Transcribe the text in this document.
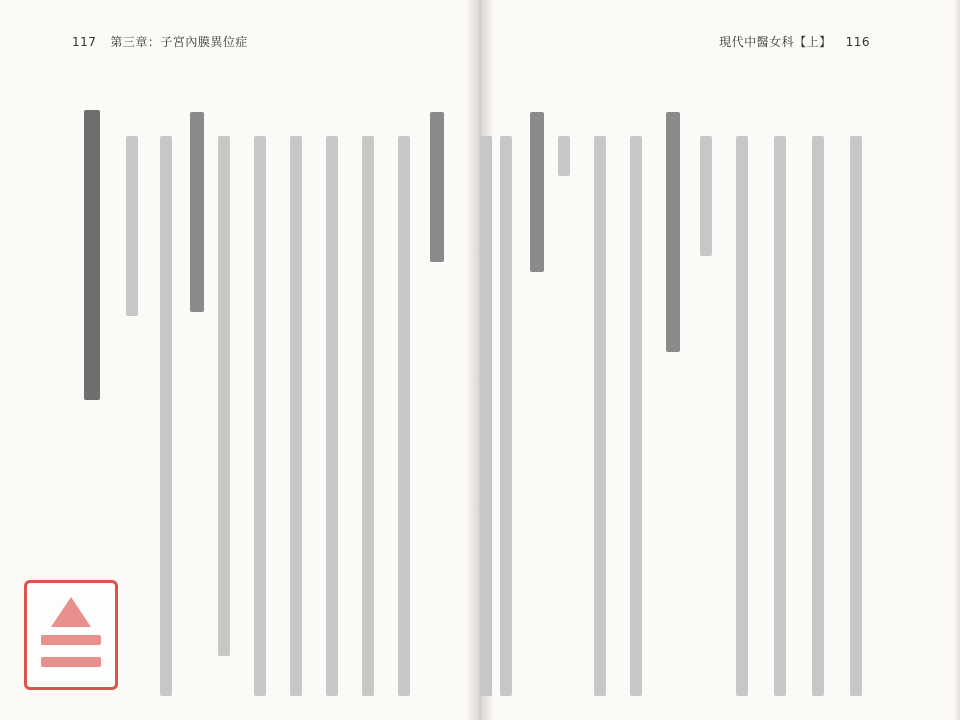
117 第三章：子宮內膜異位症	現代中醫女科【上】 116
